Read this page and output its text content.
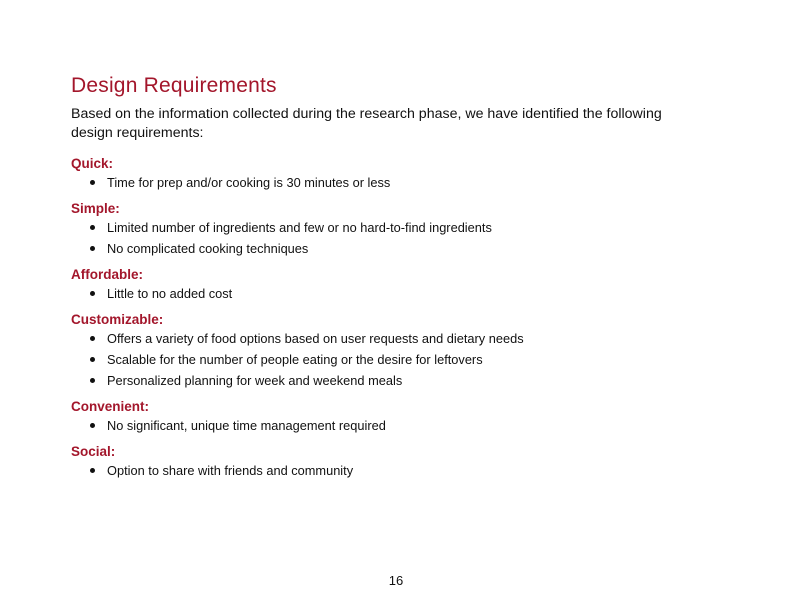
Design Requirements

Based on the information collected during the research phase, we have identified the following design requirements:

Quick:
Time for prep and/or cooking is 30 minutes or less
Simple:
Limited number of ingredients and few or no hard-to-find ingredients
No complicated cooking techniques
Affordable:
Little to no added cost
Customizable:
Offers a variety of food options based on user requests and dietary needs
Scalable for the number of people eating or the desire for leftovers
Personalized planning for week and weekend meals
Convenient:
No significant, unique time management required
Social:
Option to share with friends and community
16
